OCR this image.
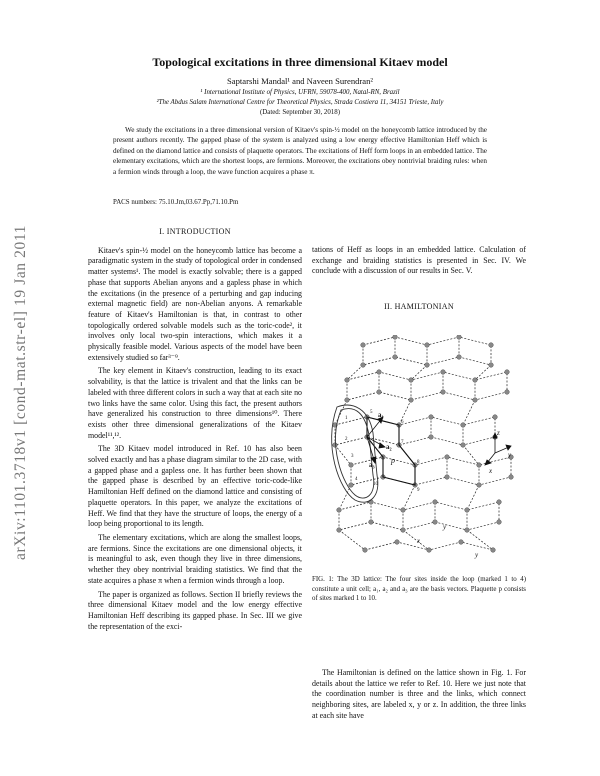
arXiv:1101.3718v1 [cond-mat.str-el] 19 Jan 2011
Topological excitations in three dimensional Kitaev model
Saptarshi Mandal¹ and Naveen Surendran²
¹ International Institute of Physics, UFRN, 59078-400, Natal-RN, Brazil
²The Abdus Salam International Centre for Theoretical Physics, Strada Costiera 11, 34151 Trieste, Italy
(Dated: September 30, 2018)
We study the excitations in a three dimensional version of Kitaev's spin-½ model on the honeycomb lattice introduced by the present authors recently. The gapped phase of the system is analyzed using a low energy effective Hamiltonian Heff which is defined on the diamond lattice and consists of plaquette operators. The excitations of Heff form loops in an embedded lattice. The elementary excitations, which are the shortest loops, are fermions. Moreover, the excitations obey nontrivial braiding rules: when a fermion winds through a loop, the wave function acquires a phase π.
PACS numbers: 75.10.Jm,03.67.Pp,71.10.Pm
I. INTRODUCTION

Kitaev's spin-½ model on the honeycomb lattice has become a paradigmatic system in the study of topological order in condensed matter systems¹. The model is exactly solvable; there is a gapped phase that supports Abelian anyons and a gapless phase in which the excitations (in the presence of a perturbing and gap inducing external magnetic field) are non-Abelian anyons. A remarkable feature of Kitaev's Hamiltonian is that, in contrast to other topologically ordered solvable models such as the toric-code², it involves only local two-spin interactions, which makes it a physically feasible model. Various aspects of the model have been extensively studied so far³⁻⁹.

The key element in Kitaev's construction, leading to its exact solvability, is that the lattice is trivalent and that the links can be labeled with three different colors in such a way that at each site no two links have the same color. Using this fact, the present authors have generalized his construction to three dimensions¹⁰. There exists other three dimensional generalizations of the Kitaev model¹¹,¹².

The 3D Kitaev model introduced in Ref. 10 has also been solved exactly and has a phase diagram similar to the 2D case, with a gapped phase and a gapless one. It has further been shown that the gapped phase is described by an effective toric-code-like Hamiltonian Heff defined on the diamond lattice and consisting of plaquette operators. In this paper, we analyze the excitations of Heff. We find that they have the structure of loops, the energy of a loop being proportional to its length.

The elementary excitations, which are along the smallest loops, are fermions. Since the excitations are one dimensional objects, it is meaningful to ask, even though they live in three dimensions, whether they obey nontrivial braiding statistics. We find that the state acquires a phase π when a fermion winds through a loop.

The paper is organized as follows. Section II briefly reviews the three dimensional Kitaev model and the low energy effective Hamiltonian Heff describing its gapped phase. In Sec. III we give the representation of the exci-

tations of Heff as loops in an embedded lattice. Calculation of exchange and braiding statistics is presented in Sec. IV. We conclude with a discussion of our results in Sec. V.

II. HAMILTONIAN
a₁
a₂
a₃ p
x
y
z
1
2
3
4
5
6
7
8
9
10
y
y
x
FIG. 1: The 3D lattice: The four sites inside the loop (marked 1 to 4) constitute a unit cell; a₁, a₂ and a₃ are the basis vectors. Plaquette p consists of sites marked 1 to 10.

The Hamiltonian is defined on the lattice shown in Fig. 1. For details about the lattice we refer to Ref. 10. Here we just note that the coordination number is three and the links, which connect neighboring sites, are labeled x, y or z. In addition, the three links at each site have
